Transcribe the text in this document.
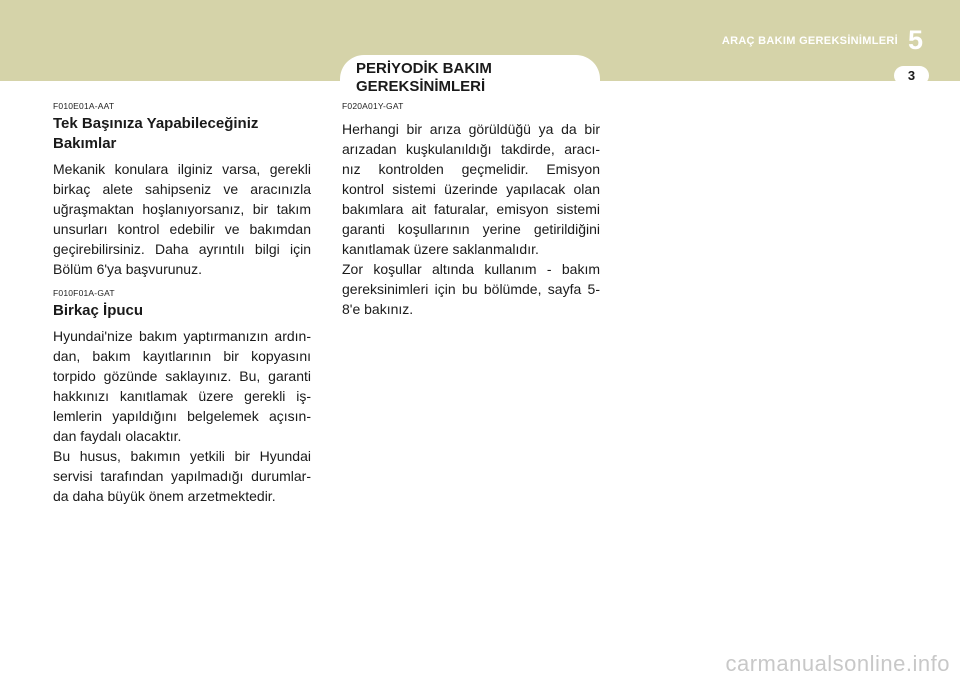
ARAÇ BAKIM GEREKSİNİMLERİ 5
3
PERİYODİK BAKIM
GEREKSİNİMLERİ
F010E01A-AAT
Tek Başınıza Yapabileceğiniz
Bakımlar
Mekanik konulara ilginiz varsa, gerekli birkaç alete sahipseniz ve aracınızla uğraşmaktan hoşlanıyorsanız, bir takım unsurları kontrol edebilir ve bakımdan geçirebilirsiniz. Daha ayrıntılı bilgi için Bölüm 6'ya başvurunuz.
F010F01A-GAT
Birkaç İpucu
Hyundai'nize bakım yaptırmanızın ardın-dan, bakım kayıtlarının bir kopyasını torpido gözünde saklayınız. Bu, garanti hakkınızı kanıtlamak üzere gerekli iş-lemlerin yapıldığını belgelemek açısın-dan faydalı olacaktır.
Bu husus, bakımın yetkili bir Hyundai servisi tarafından yapılmadığı durumlar-da daha büyük önem arzetmektedir.
F020A01Y-GAT
Herhangi bir arıza görüldüğü ya da bir arızadan kuşkulanıldığı takdirde, aracı-nız kontrolden geçmelidir. Emisyon kontrol sistemi üzerinde yapılacak olan bakımlara ait faturalar, emisyon sistemi garanti koşullarının yerine getirildiğini kanıtlamak üzere saklanmalıdır.
Zor koşullar altında kullanım - bakım gereksinimleri için bu bölümde, sayfa 5-8'e bakınız.
carmanualsonline.info
